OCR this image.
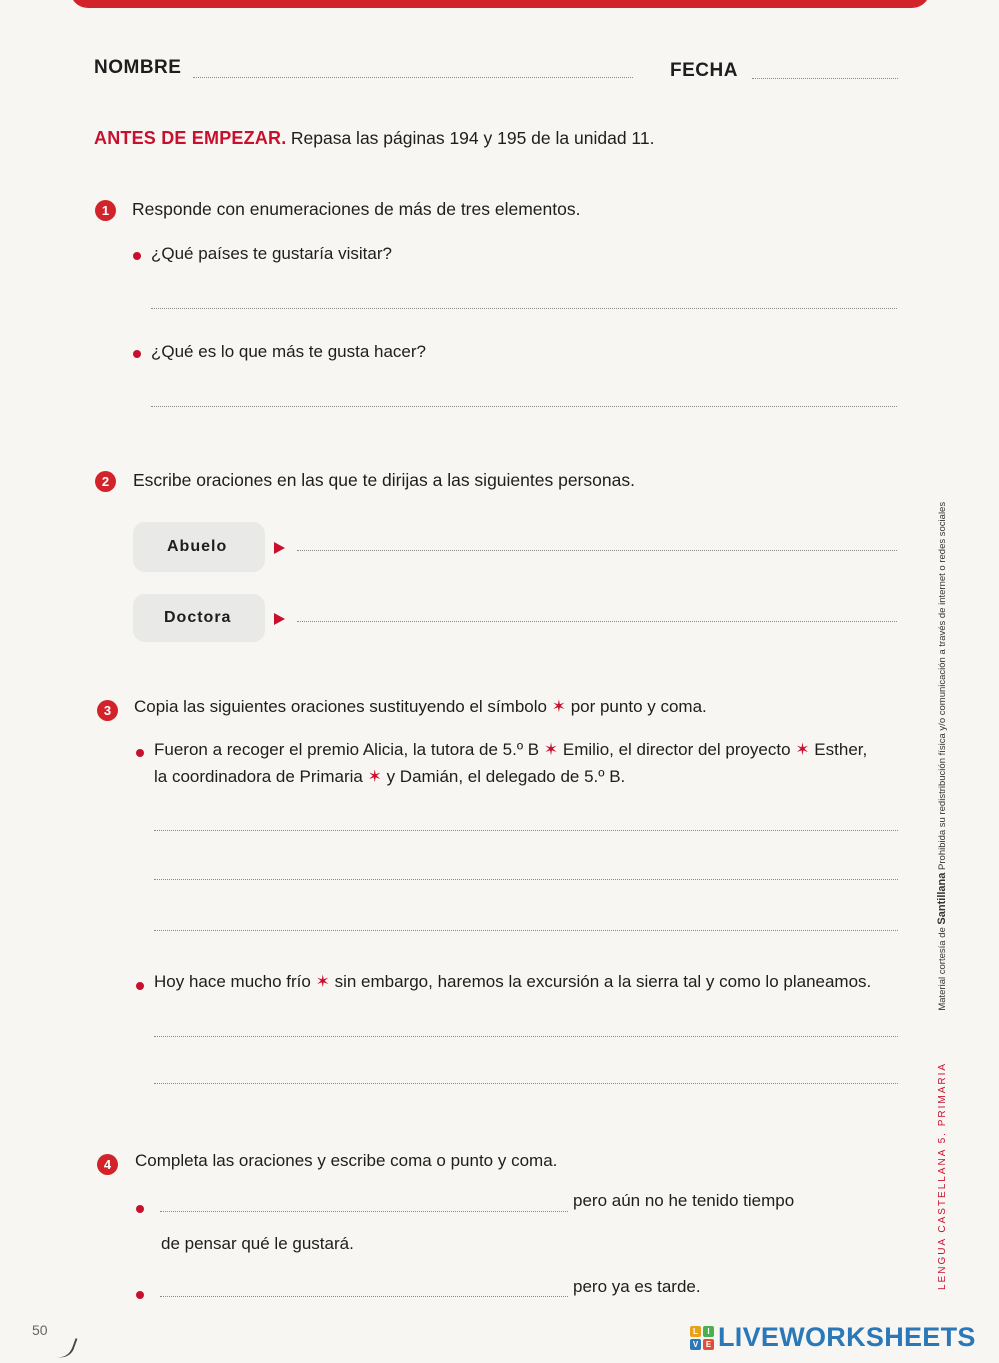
NOMBRE	FECHA
ANTES DE EMPEZAR. Repasa las páginas 194 y 195 de la unidad 11.
1	Responde con enumeraciones de más de tres elementos.
¿Qué países te gustaría visitar?
¿Qué es lo que más te gusta hacer?
2	Escribe oraciones en las que te dirijas a las siguientes personas.
Abuelo
Doctora
3	Copia las siguientes oraciones sustituyendo el símbolo ✶ por punto y coma.
Fueron a recoger el premio Alicia, la tutora de 5.º B ✶ Emilio, el director del proyecto ✶ Esther,
la coordinadora de Primaria ✶ y Damián, el delegado de 5.º B.
Hoy hace mucho frío ✶ sin embargo, haremos la excursión a la sierra tal y como lo planeamos.
4	Completa las oraciones y escribe coma o punto y coma.
pero aún no he tenido tiempo
de pensar qué le gustará.
pero ya es tarde.	LENGUA CASTELLANA 5. PRIMARIA  Material cortesía de Santillana Prohibida su redistribución física y/o comunicación a través de internet o redes sociales
50	L	I
V E LIVEWORKSHEETS
